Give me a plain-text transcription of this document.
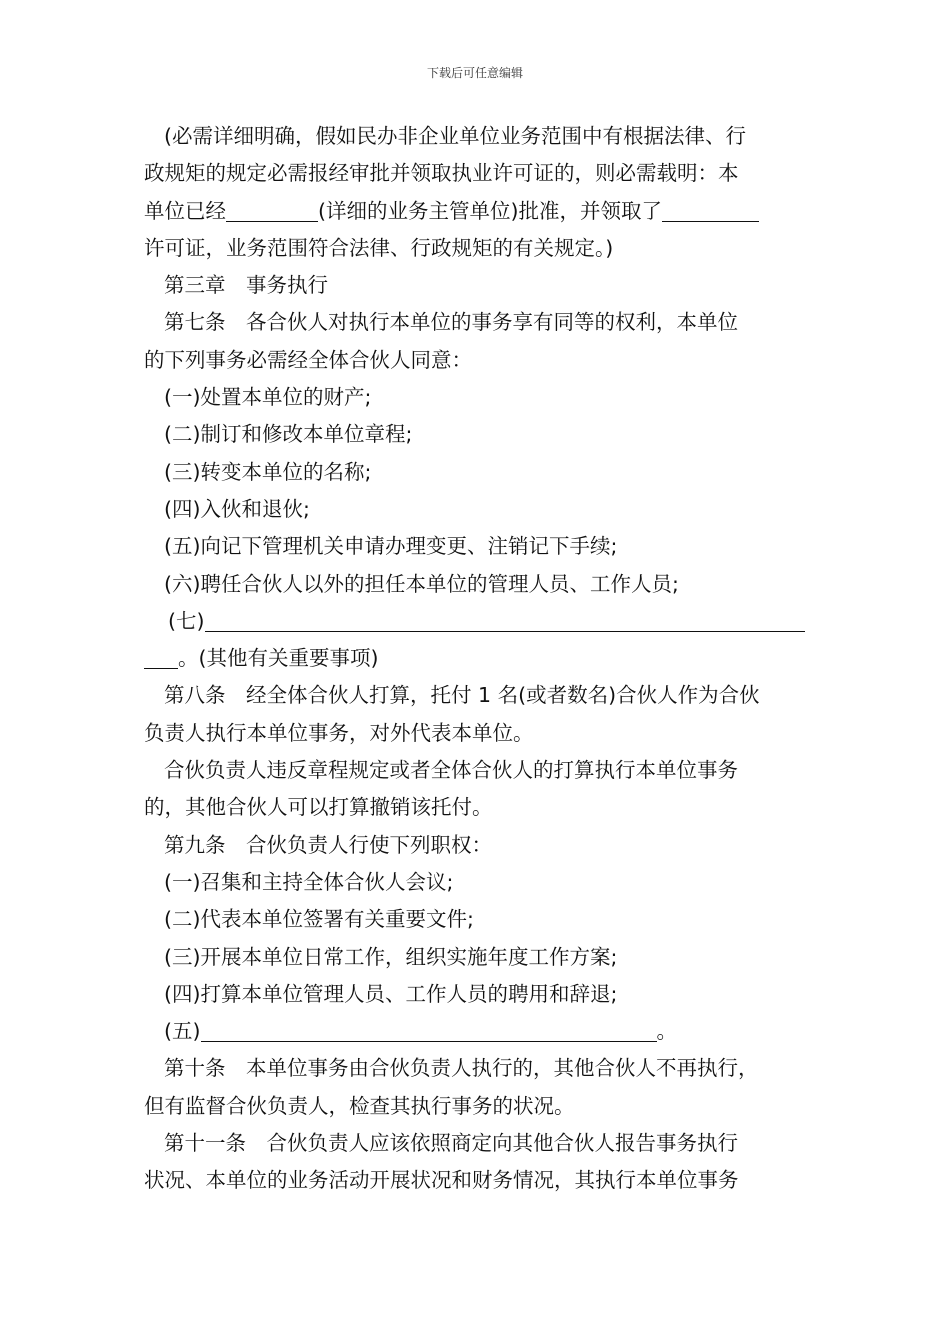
下载后可任意编辑
(必需详细明确，假如民办非企业单位业务范围中有根据法律、行
政规矩的规定必需报经审批并领取执业许可证的，则必需载明：本
单位已经	(详细的业务主管单位)批准，并领取了
许可证，业务范围符合法律、行政规矩的有关规定。)
第三章　事务执行
第七条　各合伙人对执行本单位的事务享有同等的权利，本单位
的下列事务必需经全体合伙人同意：
(一)处置本单位的财产;
(二)制订和修改本单位章程;
(三)转变本单位的名称;
(四)入伙和退伙;
(五)向记下管理机关申请办理变更、注销记下手续;
(六)聘任合伙人以外的担任本单位的管理人员、工作人员;
(七)
。(其他有关重要事项)
第八条　经全体合伙人打算，托付 1 名(或者数名)合伙人作为合伙
负责人执行本单位事务，对外代表本单位。
合伙负责人违反章程规定或者全体合伙人的打算执行本单位事务
的，其他合伙人可以打算撤销该托付。
第九条　合伙负责人行使下列职权：
(一)召集和主持全体合伙人会议;
(二)代表本单位签署有关重要文件;
(三)开展本单位日常工作，组织实施年度工作方案;
(四)打算本单位管理人员、工作人员的聘用和辞退;
(五)	。
第十条　本单位事务由合伙负责人执行的，其他合伙人不再执行，
但有监督合伙负责人，检查其执行事务的状况。
第十一条　合伙负责人应该依照商定向其他合伙人报告事务执行
状况、本单位的业务活动开展状况和财务情况，其执行本单位事务
